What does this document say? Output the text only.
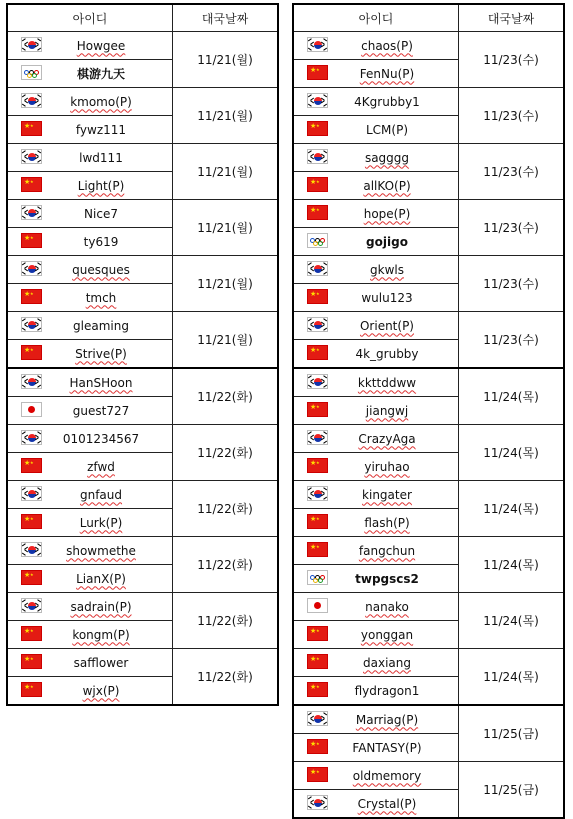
아이디	대국날짜
Howgee
棋游九天
11/21(월)
kmomo(P)
★ ★	fywz111
11/21(월)
lwd111
★ ★	Light(P)
11/21(월)
Nice7
★ ★	ty619
11/21(월)
quesques
★ ★	tmch
11/21(월)
gleaming
★ ★	Strive(P)
11/21(월)
HanSHoon
guest727
11/22(화)
0101234567
★ ★	zfwd
11/22(화)
gnfaud
★ ★	Lurk(P)
11/22(화)
showmethe
★ ★	LianX(P)
11/22(화)
sadrain(P)
★ ★	kongm(P)
11/22(화)
★ ★	safflower
★ ★	wjx(P)
11/22(화)
아이디	대국날짜
chaos(P)
★ ★	FenNu(P)
11/23(수)
4Kgrubby1
★ ★	LCM(P)
11/23(수)
sagggg
★ ★	allKO(P)
11/23(수)
★ ★	hope(P)
gojigo
11/23(수)
gkwls
★ ★	wulu123
11/23(수)
Orient(P)
★ ★	4k_grubby
11/23(수)
kkttddww
★ ★	jiangwj
11/24(목)
CrazyAga
★ ★	yiruhao
11/24(목)
kingater
★ ★	flash(P)
11/24(목)
★ ★	fangchun
twpgscs2
11/24(목)
nanako
★ ★	yonggan
11/24(목)
★ ★	daxiang
★ ★	flydragon1
11/24(목)
Marriag(P)
★ ★	FANTASY(P)
11/25(금)
★ ★	oldmemory
Crystal(P)
11/25(금)
